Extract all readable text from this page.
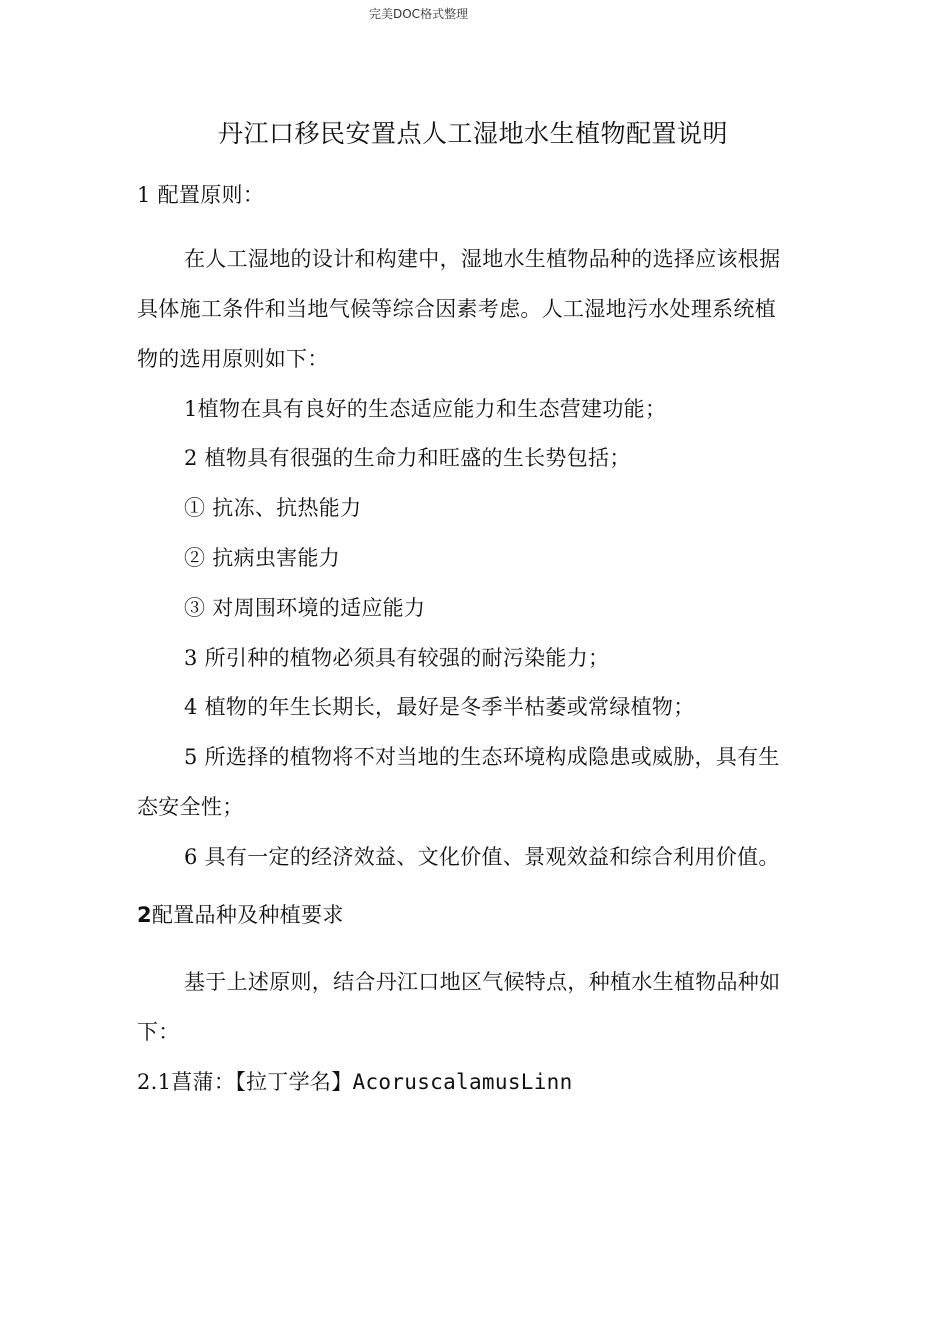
完美DOC格式整理
丹江口移民安置点人工湿地水生植物配置说明
1 配置原则：
在人工湿地的设计和构建中，湿地水生植物品种的选择应该根据
具体施工条件和当地气候等综合因素考虑。人工湿地污水处理系统植
物的选用原则如下：
1植物在具有良好的生态适应能力和生态营建功能；
2 植物具有很强的生命力和旺盛的生长势包括；
① 抗冻、抗热能力
② 抗病虫害能力
③ 对周围环境的适应能力
3 所引种的植物必须具有较强的耐污染能力；
4 植物的年生长期长，最好是冬季半枯萎或常绿植物；
5 所选择的植物将不对当地的生态环境构成隐患或威胁，具有生
态安全性；
6 具有一定的经济效益、文化价值、景观效益和综合利用价值。
2配置品种及种植要求
基于上述原则，结合丹江口地区气候特点，种植水生植物品种如
下：
2.1菖蒲：【拉丁学名】AcoruscalamusLinn
